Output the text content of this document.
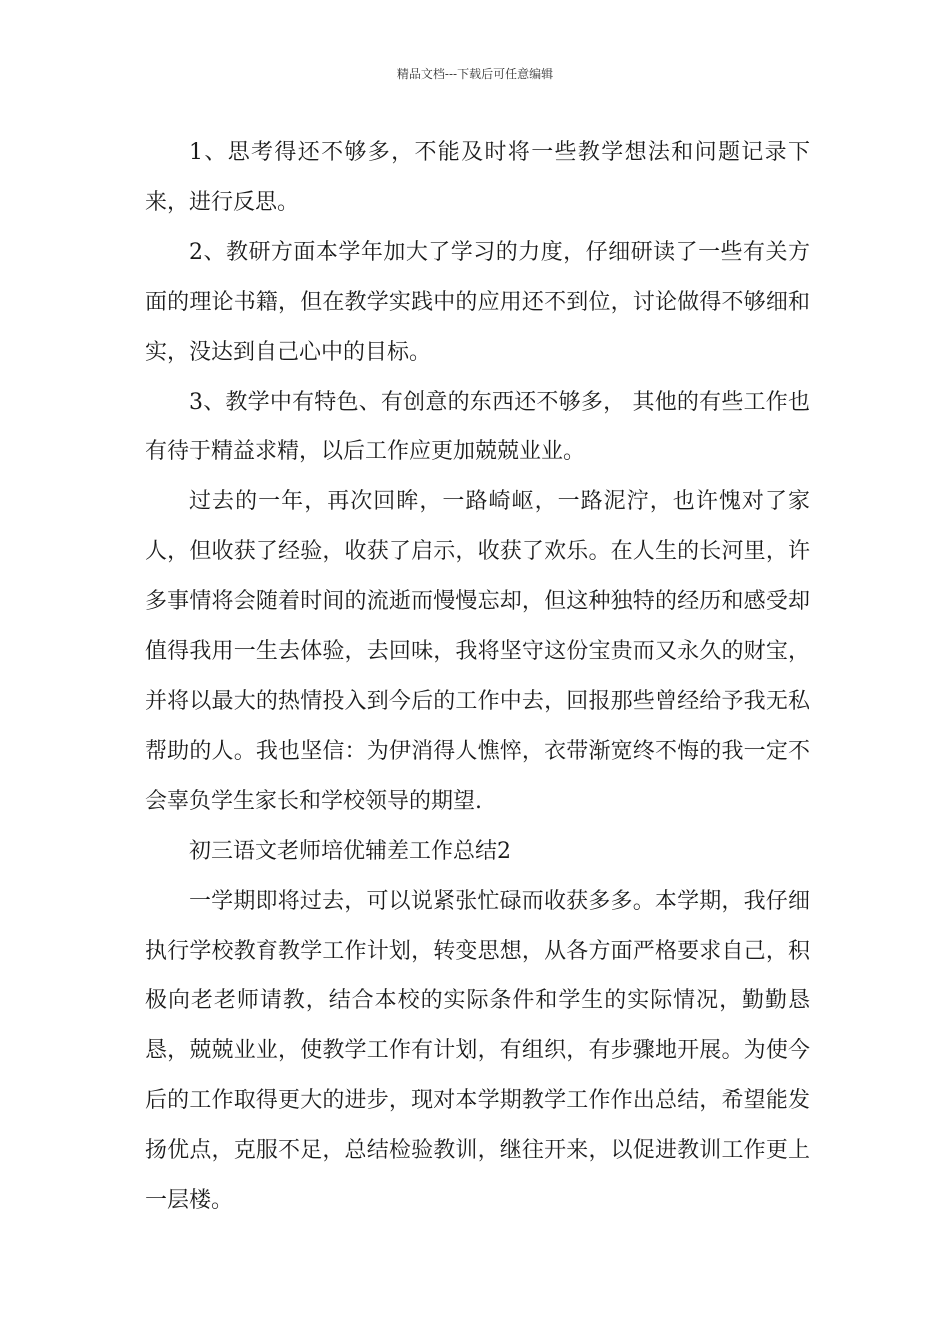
精品文档---下载后可任意编辑

1、思考得还不够多，不能及时将一些教学想法和问题记录下来，进行反思。

2、教研方面本学年加大了学习的力度，仔细研读了一些有关方面的理论书籍，但在教学实践中的应用还不到位，讨论做得不够细和实，没达到自己心中的目标。

3、教学中有特色、有创意的东西还不够多， 其他的有些工作也有待于精益求精，以后工作应更加兢兢业业。

过去的一年，再次回眸，一路崎岖，一路泥泞，也许愧对了家人，但收获了经验，收获了启示，收获了欢乐。在人生的长河里，许多事情将会随着时间的流逝而慢慢忘却，但这种独特的经历和感受却值得我用一生去体验，去回味，我将坚守这份宝贵而又永久的财宝，并将以最大的热情投入到今后的工作中去，回报那些曾经给予我无私帮助的人。我也坚信：为伊消得人憔悴，衣带渐宽终不悔的我一定不会辜负学生家长和学校领导的期望.

初三语文老师培优辅差工作总结2

一学期即将过去，可以说紧张忙碌而收获多多。本学期，我仔细执行学校教育教学工作计划，转变思想，从各方面严格要求自己，积极向老老师请教，结合本校的实际条件和学生的实际情况，勤勤恳恳，兢兢业业，使教学工作有计划，有组织，有步骤地开展。为使今后的工作取得更大的进步，现对本学期教学工作作出总结，希望能发扬优点，克服不足，总结检验教训，继往开来，以促进教训工作更上一层楼。
